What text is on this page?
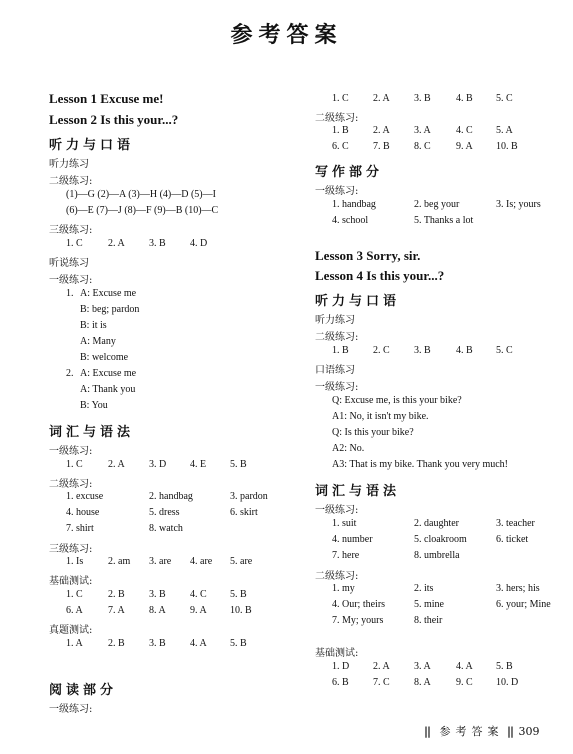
参考答案
Lesson 1 Excuse me!
Lesson 2 Is this your...?
听力与口语
听力练习
二级练习:
(1)—G (2)—A (3)—H (4)—D (5)—I
(6)—E (7)—J (8)—F (9)—B (10)—C
三级练习:
1. C	2. A 3. B 4. D
听说练习
一级练习:
1. A: Excuse me
B: beg; pardon
B: it is
A: Many
B: welcome
2. A: Excuse me
A: Thank you
B: You
词汇与语法
一级练习:
1. C	2. A 3. D 4. E 5. B
二级练习:
1. excuse	2. handbag	3. pardon
4. house	5. dress	6. skirt
7. shirt	8. watch
三级练习:
1. Is 2. am 3. are 4. are 5. are
基础测试:
1. C	2. B 3. B 4. C 5. B
6. A	7. A 8. A 9. A 10. B
真题测试:
1. A	2. B 3. B 4. A 5. B
阅读部分
一级练习:
1. C 2. A 3. B	4. B 5. C
二级练习:
1. B 2. A 3. A	4. C 5. A
6. C 7. B 8. C	9. A 10. B
写作部分
一级练习:
1. handbag	2. beg your	3. Is; yours
4. school	5. Thanks a lot
Lesson 3 Sorry, sir.
Lesson 4 Is this your...?
听力与口语
听力练习
二级练习:
1. B 2. C 3. B	4. B 5. C
口语练习
一级练习:
Q: Excuse me, is this your bike?
A1: No, it isn't my bike.
Q: Is this your bike?
A2: No.
A3: That is my bike. Thank you very much!
词汇与语法
一级练习:
1. suit	2. daughter	3. teacher
4. number	5. cloakroom	6. ticket
7. here	8. umbrella
二级练习:
1. my	2. its	3. hers; his
4. Our; theirs	5. mine	6. your; Mine
7. My; yours	8. their
基础测试:
1. D 2. A 3. A	4. A 5. B
6. B 7. C 8. A	9. C 10. D
|| 参考答案 || 309
